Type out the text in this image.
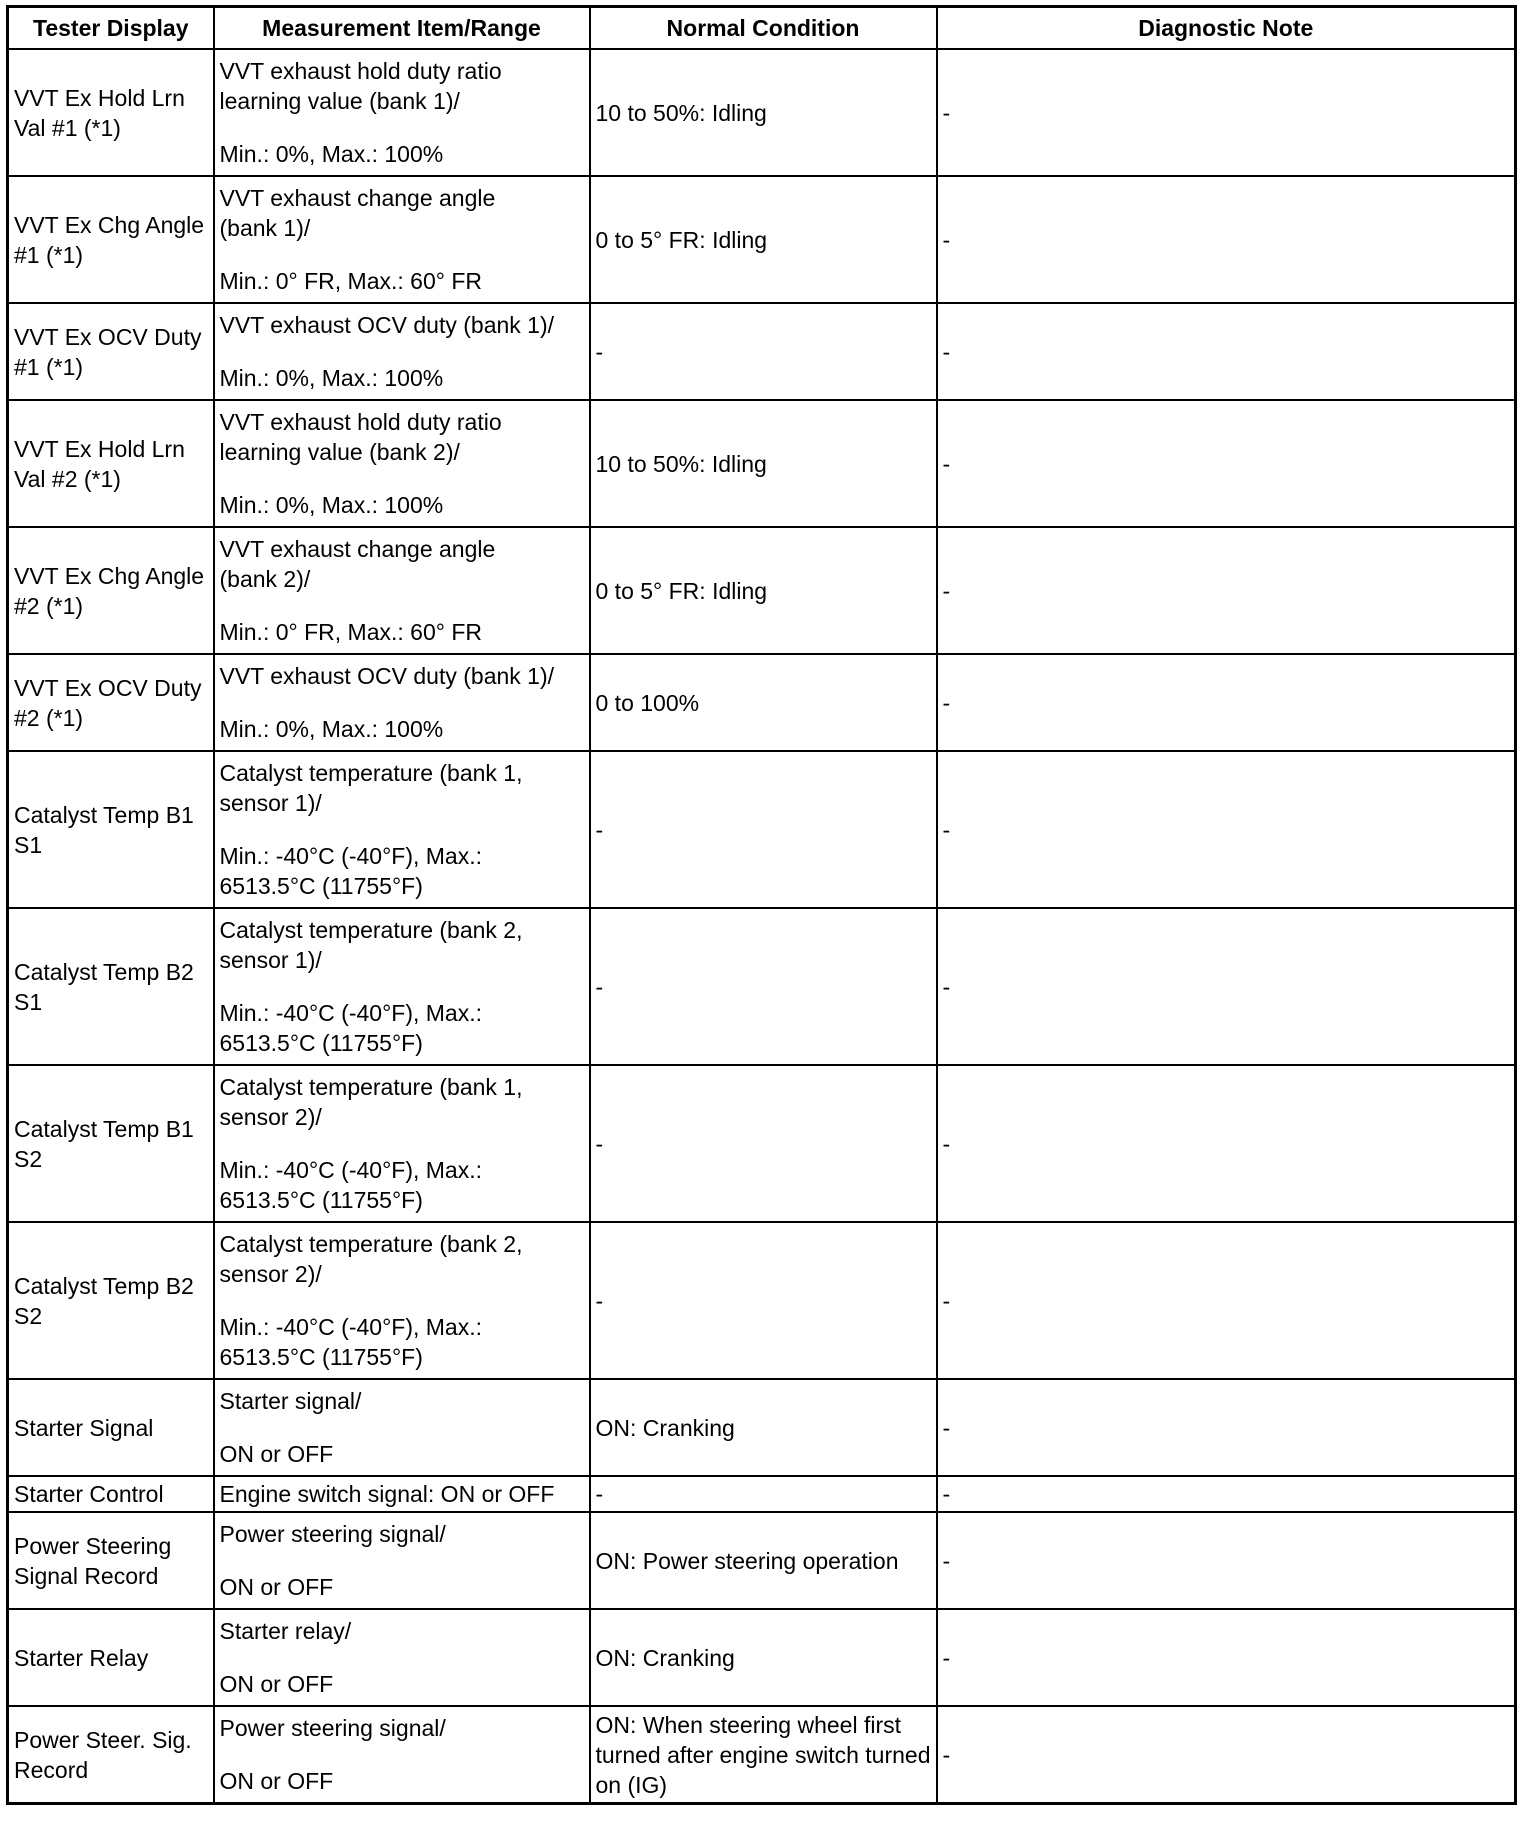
Tester Display	Measurement Item/Range	Normal Condition	Diagnostic Note
VVT Ex Hold Lrn Val #1 (*1)	VVT exhaust hold duty ratio
learning value (bank 1)/
Min.: 0%, Max.: 100%	10 to 50%: Idling	-
VVT Ex Chg Angle #1 (*1)	VVT exhaust change angle
(bank 1)/
Min.: 0° FR, Max.: 60° FR	0 to 5° FR: Idling	-
VVT Ex OCV Duty #1 (*1)	VVT exhaust OCV duty (bank 1)/
Min.: 0%, Max.: 100%	-	-
VVT Ex Hold Lrn Val #2 (*1)	VVT exhaust hold duty ratio
learning value (bank 2)/
Min.: 0%, Max.: 100%	10 to 50%: Idling	-
VVT Ex Chg Angle #2 (*1)	VVT exhaust change angle
(bank 2)/
Min.: 0° FR, Max.: 60° FR	0 to 5° FR: Idling	-
VVT Ex OCV Duty #2 (*1)	VVT exhaust OCV duty (bank 1)/
Min.: 0%, Max.: 100%	0 to 100%	-
Catalyst Temp B1 S1	Catalyst temperature (bank 1,
sensor 1)/
Min.: -40°C (-40°F), Max.:
6513.5°C (11755°F)	-	-
Catalyst Temp B2 S1	Catalyst temperature (bank 2,
sensor 1)/
Min.: -40°C (-40°F), Max.:
6513.5°C (11755°F)	-	-
Catalyst Temp B1 S2	Catalyst temperature (bank 1,
sensor 2)/
Min.: -40°C (-40°F), Max.:
6513.5°C (11755°F)	-	-
Catalyst Temp B2 S2	Catalyst temperature (bank 2,
sensor 2)/
Min.: -40°C (-40°F), Max.:
6513.5°C (11755°F)	-	-
Starter Signal	Starter signal/
ON or OFF	ON: Cranking	-
Starter Control	Engine switch signal: ON or OFF	-	-
Power Steering Signal Record	Power steering signal/
ON or OFF	ON: Power steering operation	-
Starter Relay	Starter relay/
ON or OFF	ON: Cranking	-
Power Steer. Sig. Record	Power steering signal/
ON or OFF	ON: When steering wheel first turned after engine switch turned on (IG)	-
